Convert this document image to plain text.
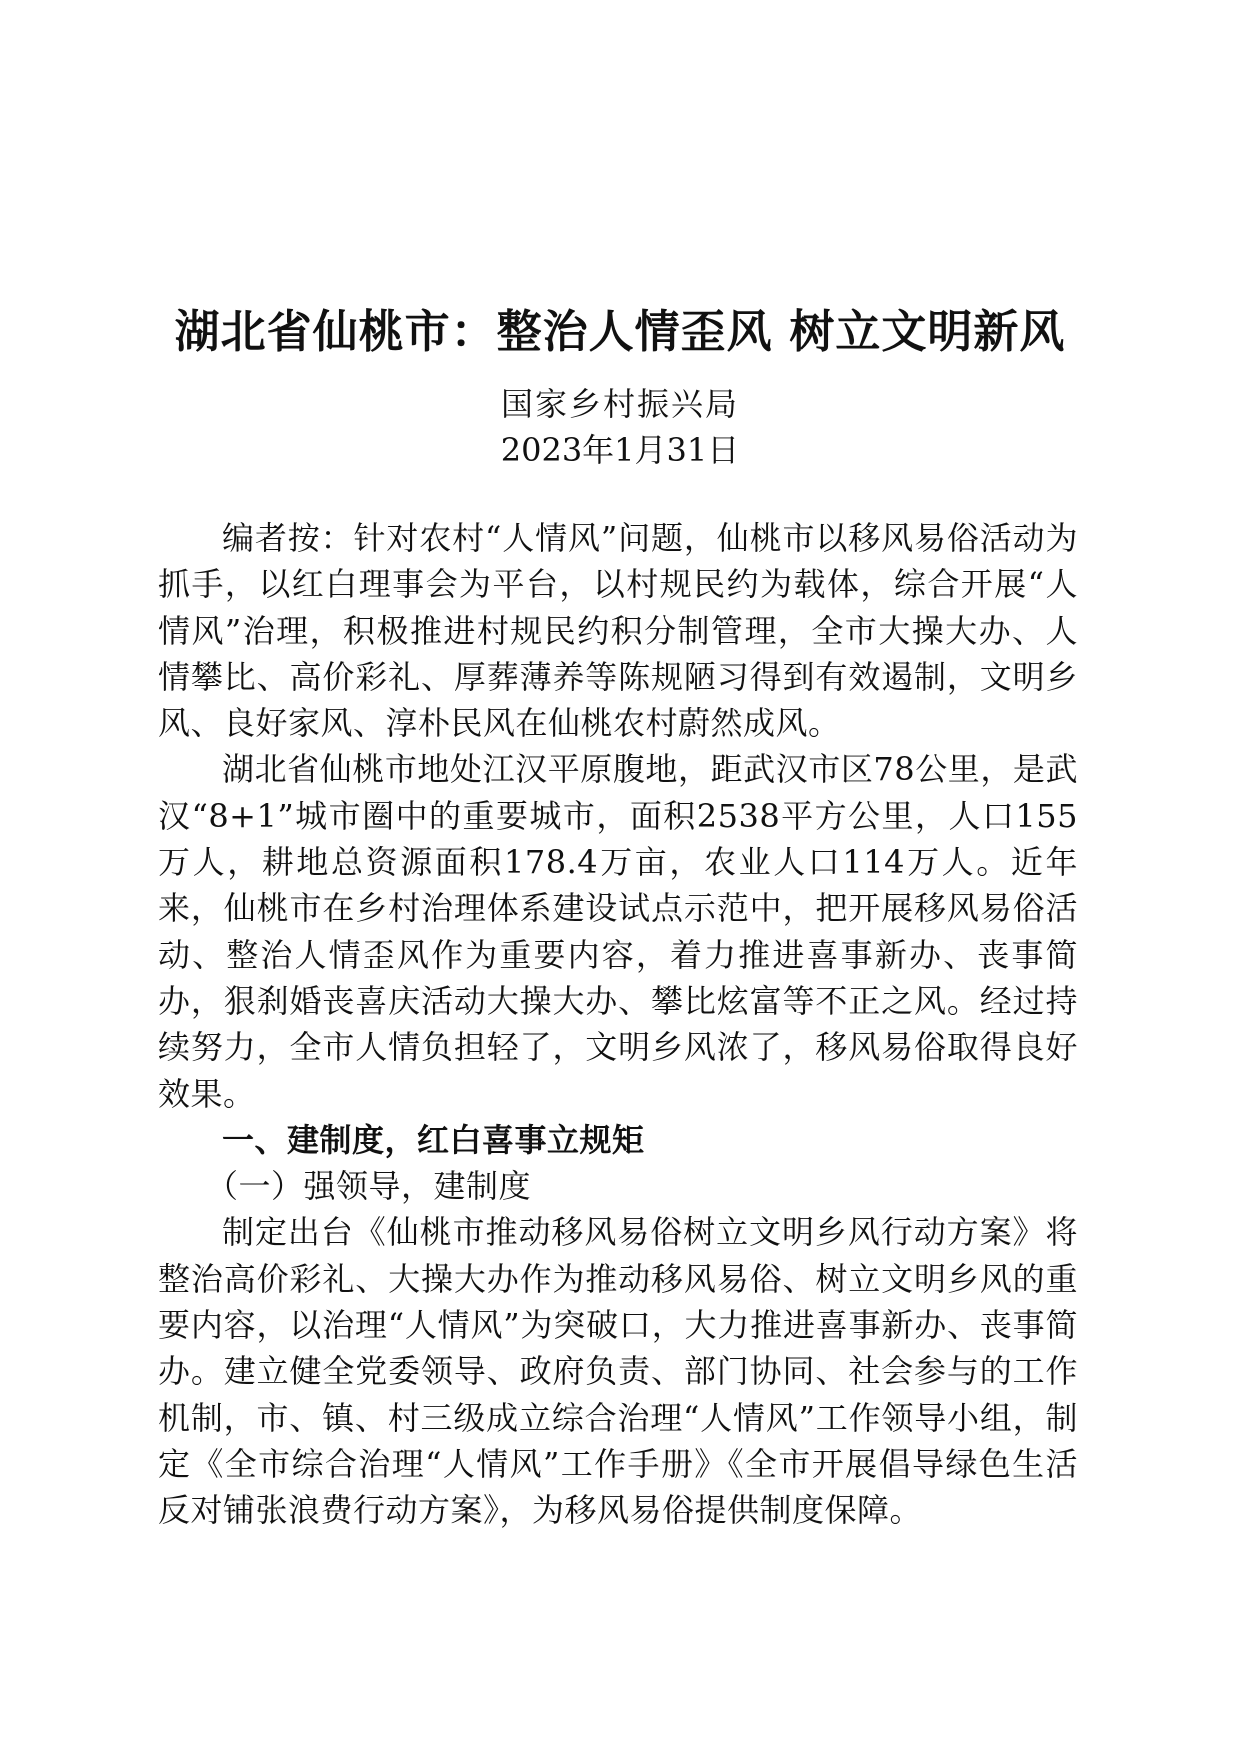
湖北省仙桃市：整治人情歪风 树立文明新风
国家乡村振兴局
2023年1月31日

编者按：针对农村“人情风”问题，仙桃市以移风易俗活动为抓手，以红白理事会为平台，以村规民约为载体，综合开展“人情风”治理，积极推进村规民约积分制管理，全市大操大办、人情攀比、高价彩礼、厚葬薄养等陈规陋习得到有效遏制，文明乡风、良好家风、淳朴民风在仙桃农村蔚然成风。

湖北省仙桃市地处江汉平原腹地，距武汉市区78公里，是武汉“8+1”城市圈中的重要城市，面积2538平方公里，人口155万人，耕地总资源面积178.4万亩，农业人口114万人。近年来，仙桃市在乡村治理体系建设试点示范中，把开展移风易俗活动、整治人情歪风作为重要内容，着力推进喜事新办、丧事简办，狠刹婚丧喜庆活动大操大办、攀比炫富等不正之风。经过持续努力，全市人情负担轻了，文明乡风浓了，移风易俗取得良好效果。

一、建制度，红白喜事立规矩
（一）强领导，建制度

制定出台《仙桃市推动移风易俗树立文明乡风行动方案》将整治高价彩礼、大操大办作为推动移风易俗、树立文明乡风的重要内容，以治理“人情风”为突破口，大力推进喜事新办、丧事简办。建立健全党委领导、政府负责、部门协同、社会参与的工作机制，市、镇、村三级成立综合治理“人情风”工作领导小组，制定《全市综合治理“人情风”工作手册》《全市开展倡导绿色生活反对铺张浪费行动方案》，为移风易俗提供制度保障。
